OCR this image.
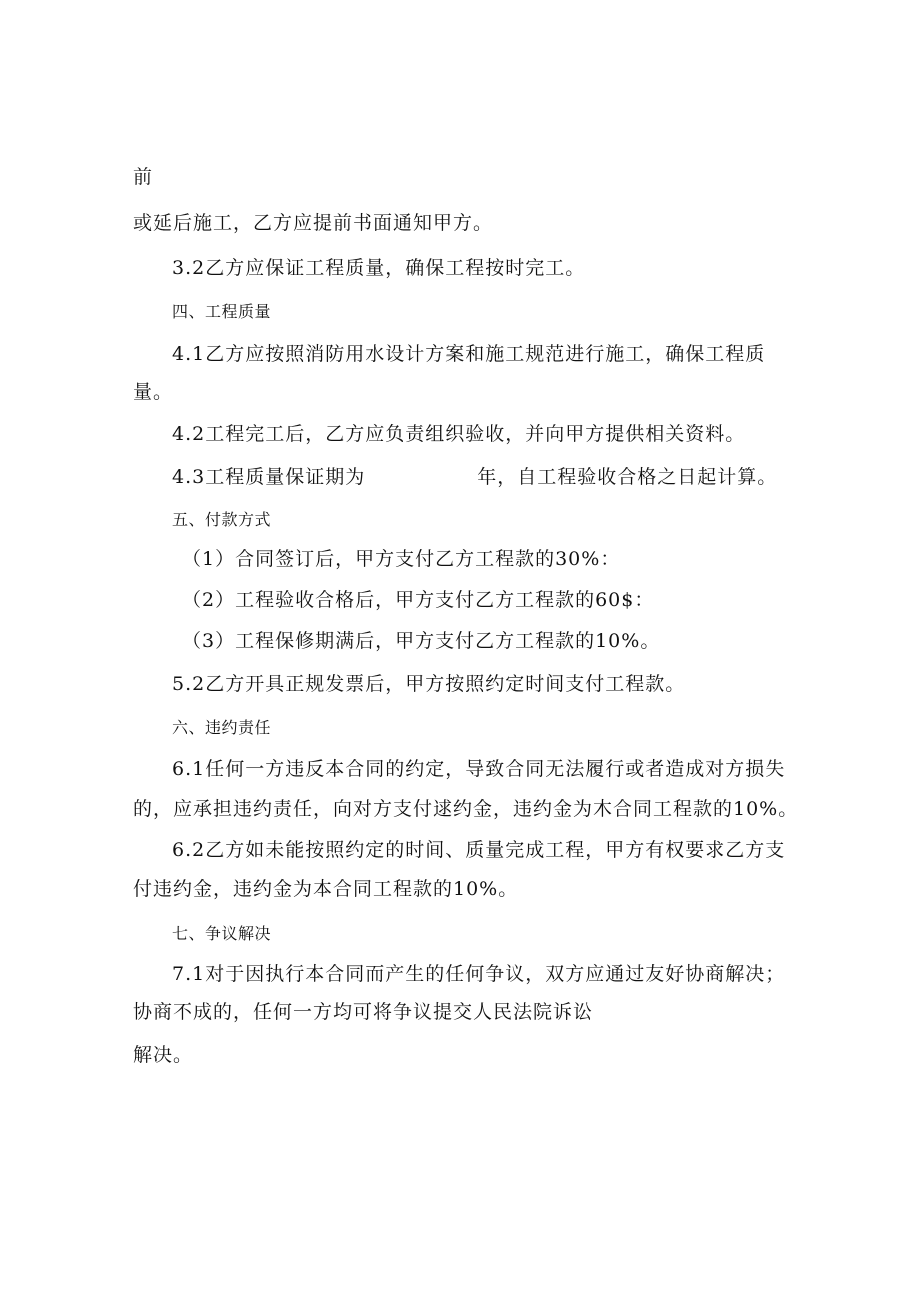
前
或延后施工，乙方应提前书面通知甲方。
3.2乙方应保证工程质量，确保工程按时完工。
四、工程质量
4.1乙方应按照消防用水设计方案和施工规范进行施工，确保工程质
量。
4.2工程完工后，乙方应负责组织验收，并向甲方提供相关资料。
4.3工程质量保证期为	年，自工程验收合格之日起计算。
五、付款方式
（1）合同签订后，甲方支付乙方工程款的30%：
（2）工程验收合格后，甲方支付乙方工程款的60$：
（3）工程保修期满后，甲方支付乙方工程款的10%。
5.2乙方开具正规发票后，甲方按照约定时间支付工程款。
六、违约责任
6.1任何一方违反本合同的约定，导致合同无法履行或者造成对方损失
的，应承担违约责任，向对方支付逑约金，违约金为木合同工程款的10%。
6.2乙方如未能按照约定的时间、质量完成工程，甲方有权要求乙方支
付违约金，违约金为本合同工程款的10%。
七、争议解决
7.1对于因执行本合同而产生的任何争议，双方应通过友好协商解决；
协商不成的，任何一方均可将争议提交人民法院诉讼
解决。
